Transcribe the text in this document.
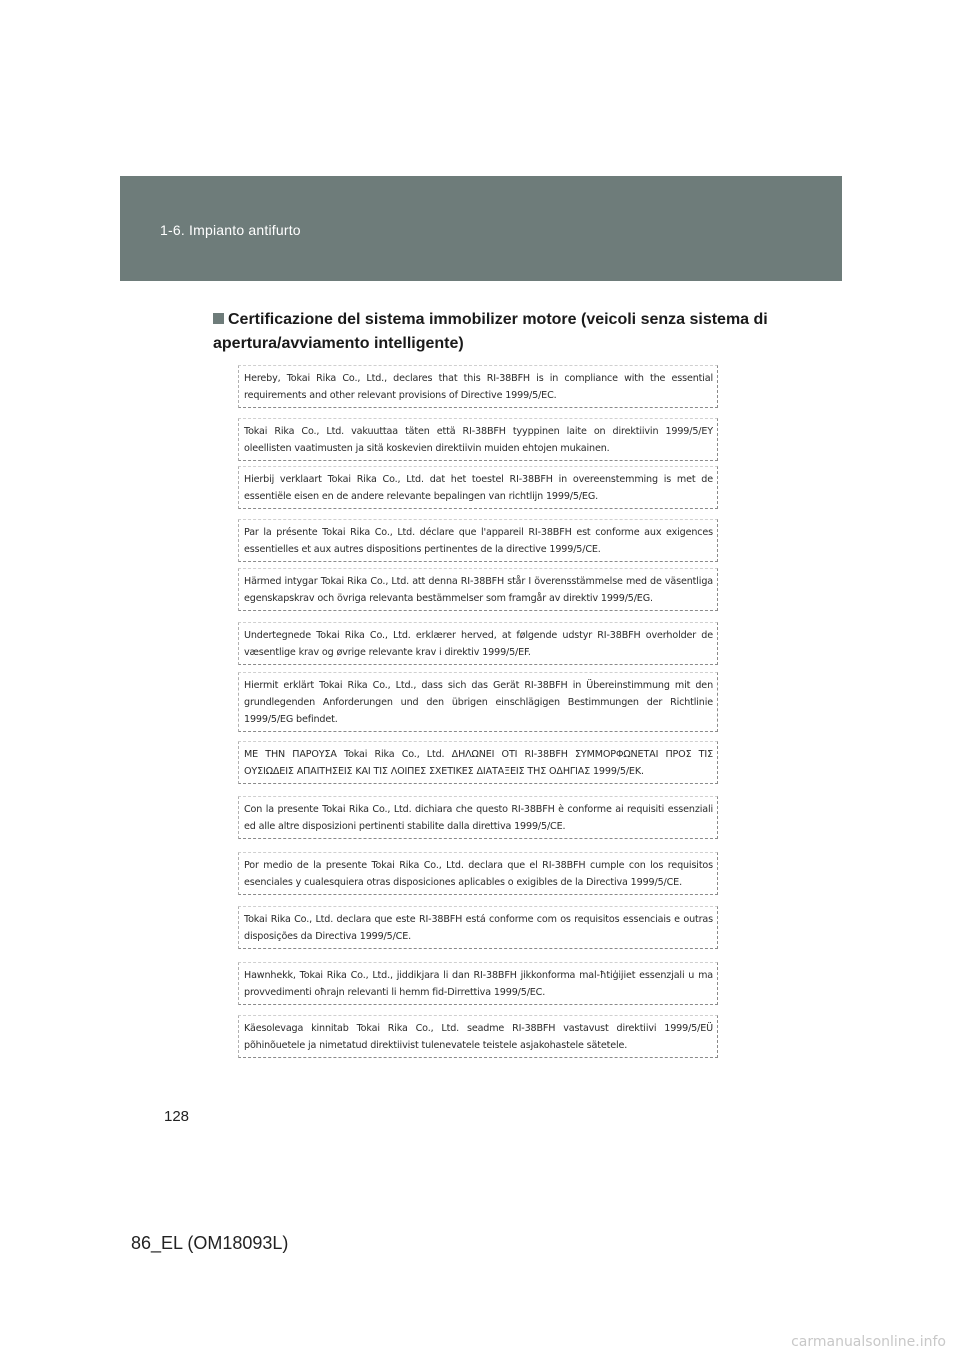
1-6. Impianto antifurto
Certificazione del sistema immobilizer motore (veicoli senza sistema di apertura/avviamento intelligente)
Hereby, Tokai Rika Co., Ltd., declares that this RI-38BFH is in compliance with the essential requirements and other relevant provisions of Directive 1999/5/EC.
Tokai Rika Co., Ltd. vakuuttaa täten että RI-38BFH tyyppinen laite on direktiivin 1999/5/EY oleellisten vaatimusten ja sitä koskevien direktiivin muiden ehtojen mukainen.
Hierbij verklaart Tokai Rika Co., Ltd. dat het toestel RI-38BFH in overeenstemming is met de essentiële eisen en de andere relevante bepalingen van richtlijn 1999/5/EG.
Par la présente Tokai Rika Co., Ltd. déclare que l'appareil RI-38BFH est conforme aux exigences essentielles et aux autres dispositions pertinentes de la directive 1999/5/CE.
Härmed intygar Tokai Rika Co., Ltd. att denna RI-38BFH står I överensstämmelse med de väsentliga egenskapskrav och övriga relevanta bestämmelser som framgår av direktiv 1999/5/EG.
Undertegnede Tokai Rika Co., Ltd. erklærer herved, at følgende udstyr RI-38BFH overholder de væsentlige krav og øvrige relevante krav i direktiv 1999/5/EF.
Hiermit erklärt Tokai Rika Co., Ltd., dass sich das Gerät RI-38BFH in Übereinstimmung mit den grundlegenden Anforderungen und den übrigen einschlägigen Bestimmungen der Richtlinie 1999/5/EG befindet.
ΜΕ ΤΗΝ ΠΑΡΟΥΣΑ Tokai Rika Co., Ltd. ΔΗΛΩΝΕΙ ΟΤΙ RI-38BFH ΣΥΜΜΟΡΦΩΝΕΤΑΙ ΠΡΟΣ ΤΙΣ ΟΥΣΙΩΔΕΙΣ ΑΠΑΙΤΗΣΕΙΣ ΚΑΙ ΤΙΣ ΛΟΙΠΕΣ ΣΧΕΤΙΚΕΣ ΔΙΑΤΑΞΕΙΣ ΤΗΣ ΟΔΗΓΙΑΣ 1999/5/ΕΚ.
Con la presente Tokai Rika Co., Ltd. dichiara che questo RI-38BFH è conforme ai requisiti essenziali ed alle altre disposizioni pertinenti stabilite dalla direttiva 1999/5/CE.
Por medio de la presente Tokai Rika Co., Ltd. declara que el RI-38BFH cumple con los requisitos esenciales y cualesquiera otras disposiciones aplicables o exigibles de la Directiva 1999/5/CE.
Tokai Rika Co., Ltd. declara que este RI-38BFH está conforme com os requisitos essenciais e outras disposições da Directiva 1999/5/CE.
Hawnhekk, Tokai Rika Co., Ltd., jiddikjara li dan RI-38BFH jikkonforma mal-ħtiġijiet essenzjali u ma provvedimenti oħrajn relevanti li hemm fid-Dirrettiva 1999/5/EC.
Käesolevaga kinnitab Tokai Rika Co., Ltd. seadme RI-38BFH vastavust direktiivi 1999/5/EÜ põhinõuetele ja nimetatud direktiivist tulenevatele teistele asjakohastele sätetele.
128
86_EL (OM18093L)
carmanualsonline.info
